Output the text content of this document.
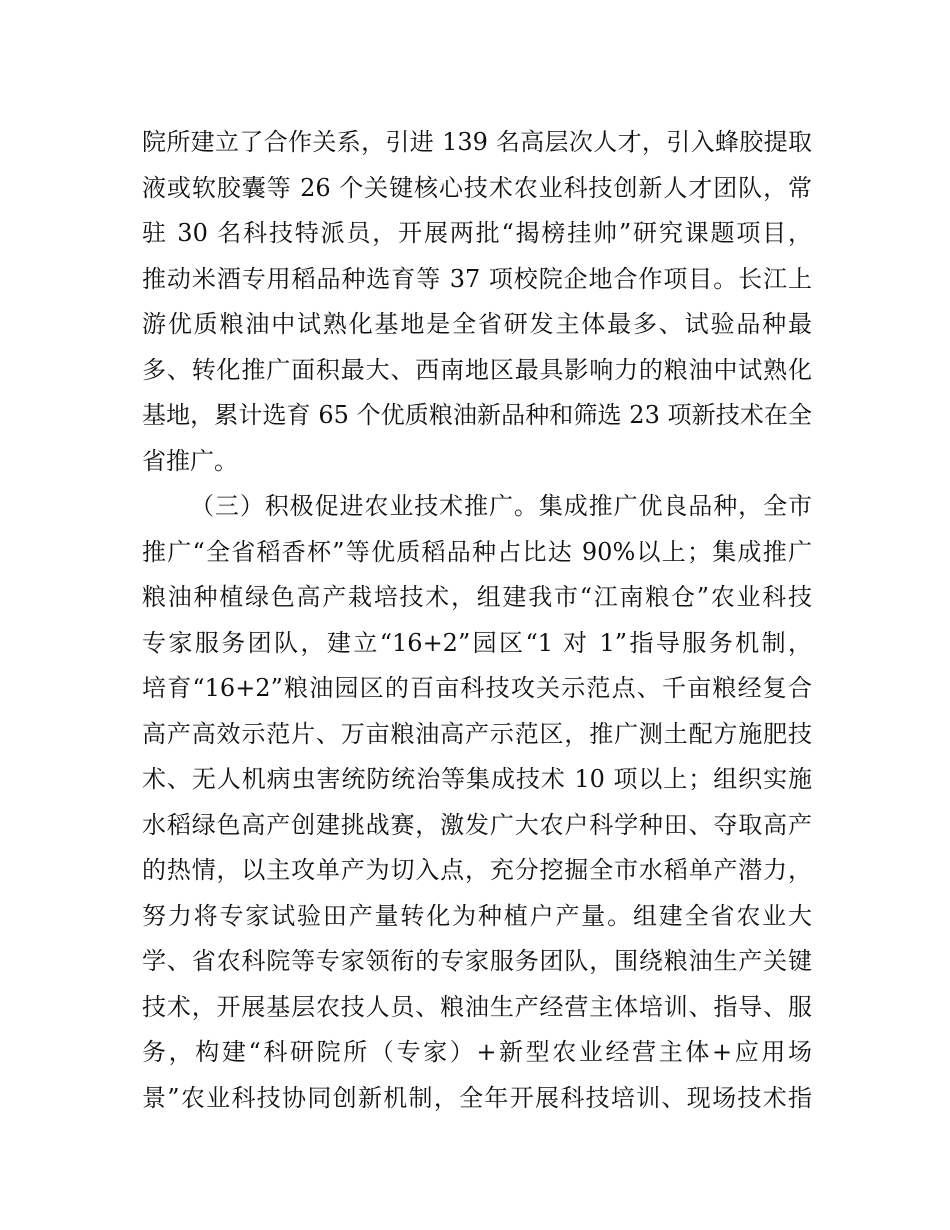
院所建立了合作关系，引进 139 名高层次人才，引入蜂胶提取
液或软胶囊等 26 个关键核心技术农业科技创新人才团队，常
驻 30 名科技特派员，开展两批“揭榜挂帅”研究课题项目，
推动米酒专用稻品种选育等 37 项校院企地合作项目。长江上
游优质粮油中试熟化基地是全省研发主体最多、试验品种最
多、转化推广面积最大、西南地区最具影响力的粮油中试熟化
基地，累计选育 65 个优质粮油新品种和筛选 23 项新技术在全
省推广。
（三）积极促进农业技术推广。集成推广优良品种，全市
推广“全省稻香杯”等优质稻品种占比达 90%以上；集成推广
粮油种植绿色高产栽培技术，组建我市“江南粮仓”农业科技
专家服务团队，建立“16+2”园区“1 对 1”指导服务机制，
培育“16+2”粮油园区的百亩科技攻关示范点、千亩粮经复合
高产高效示范片、万亩粮油高产示范区，推广测土配方施肥技
术、无人机病虫害统防统治等集成技术 10 项以上；组织实施
水稻绿色高产创建挑战赛，激发广大农户科学种田、夺取高产
的热情，以主攻单产为切入点，充分挖掘全市水稻单产潜力，
努力将专家试验田产量转化为种植户产量。组建全省农业大
学、省农科院等专家领衔的专家服务团队，围绕粮油生产关键
技术，开展基层农技人员、粮油生产经营主体培训、指导、服
务，构建“科研院所（专家）+新型农业经营主体+应用场
景”农业科技协同创新机制，全年开展科技培训、现场技术指
